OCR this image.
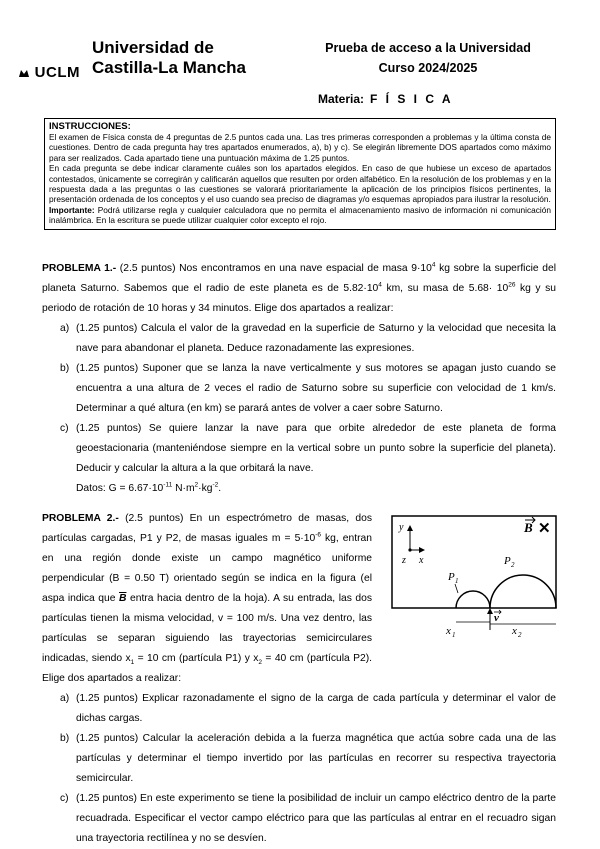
UCLM
Universidad de
Castilla-La Mancha
Prueba de acceso a la Universidad
Curso 2024/2025
Materia: F Í S I C A
INSTRUCCIONES:

El examen de Física consta de 4 preguntas de 2.5 puntos cada una. Las tres primeras corresponden a problemas y la última consta de cuestiones. Dentro de cada pregunta hay tres apartados enumerados, a), b) y c). Se elegirán libremente DOS apartados como máximo para ser realizados. Cada apartado tiene una puntuación máxima de 1.25 puntos.

En cada pregunta se debe indicar claramente cuáles son los apartados elegidos. En caso de que hubiese un exceso de apartados contestados, únicamente se corregirán y calificarán aquellos que resulten por orden alfabético. En la resolución de los problemas y en la respuesta dada a las preguntas o las cuestiones se valorará prioritariamente la aplicación de los principios físicos pertinentes, la presentación ordenada de los conceptos y el uso cuando sea preciso de diagramas y/o esquemas apropiados para ilustrar la resolución.

Importante: Podrá utilizarse regla y cualquier calculadora que no permita el almacenamiento masivo de información ni comunicación inalámbrica. En la escritura se puede utilizar cualquier color excepto el rojo.

PROBLEMA 1.- (2.5 puntos) Nos encontramos en una nave espacial de masa $9\cdot 10^4$ kg sobre la superficie del planeta Saturno. Sabemos que el radio de este planeta es de $5.82\cdot 10^4$ km, su masa de $5.68\cdot 10^{26}$ kg y su periodo de rotación de 10 horas y 34 minutos. Elige dos apartados a realizar:

a) (1.25 puntos) Calcula el valor de la gravedad en la superficie de Saturno y la velocidad que necesita la nave para abandonar el planeta. Deduce razonadamente las expresiones.
b) (1.25 puntos) Suponer que se lanza la nave verticalmente y sus motores se apagan justo cuando se encuentra a una altura de 2 veces el radio de Saturno sobre su superficie con velocidad de 1 km/s. Determinar a qué altura (en km) se parará antes de volver a caer sobre Saturno.
c) (1.25 puntos) Se quiere lanzar la nave para que orbite alrededor de este planeta de forma geoestacionaria (manteniéndose siempre en la vertical sobre un punto sobre la superficie del planeta). Deducir y calcular la altura a la que orbitará la nave.
Datos: $G = 6.67\cdot 10^{-11}$ $N\cdot m^2\cdot kg^{-2}$.

PROBLEMA 2.- (2.5 puntos) En un espectrómetro de masas, dos partículas cargadas, P1 y P2, de masas iguales $m = 5\cdot 10^{-6}$ kg, entran en una región donde existe un campo magnético uniforme perpendicular (B = 0.50 T) orientado según se indica en la figura (el aspa indica que $\overline{B}$ entra hacia dentro de la hoja). A su entrada, las dos partículas tienen la misma velocidad, v = 100 m/s. Una vez dentro, las partículas se separan siguiendo las trayectorias semicirculares indicadas, siendo $x_1 = 10$ cm (partícula P1) y $x_2 = 40$ cm (partícula P2). Elige dos apartados a realizar:

a) (1.25 puntos) Explicar razonadamente el signo de la carga de cada partícula y determinar el valor de dichas cargas.
b) (1.25 puntos) Calcular la aceleración debida a la fuerza magnética que actúa sobre cada una de las partículas y determinar el tiempo invertido por las partículas en recorrer su respectiva trayectoria semicircular.
c) (1.25 puntos) En este experimento se tiene la posibilidad de incluir un campo eléctrico dentro de la parte recuadrada. Especificar el vector campo eléctrico para que las partículas al entrar en el recuadro sigan una trayectoria rectilínea y no se desvíen.
y
z x
B ✕
P 1
P 2
v
x 1	x 2
